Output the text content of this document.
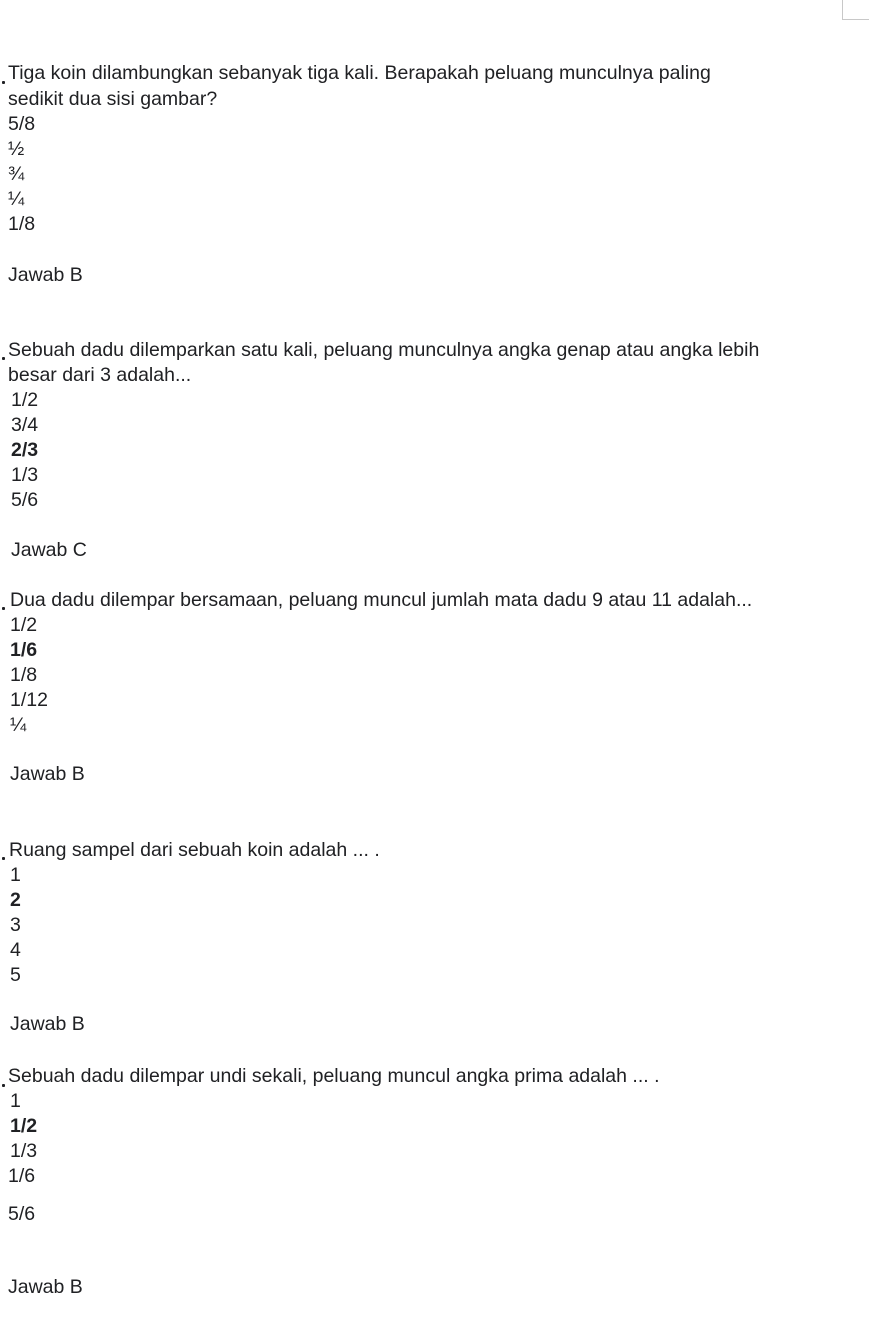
Tiga koin dilambungkan sebanyak tiga kali. Berapakah peluang munculnya paling
sedikit dua sisi gambar?
5/8
½
¾
¼
1/8
Jawab B
Sebuah dadu dilemparkan satu kali, peluang munculnya angka genap atau angka lebih
besar dari 3 adalah...
1/2
3/4
2/3
1/3
5/6
Jawab C
Dua dadu dilempar bersamaan, peluang muncul jumlah mata dadu 9 atau 11 adalah...
1/2
1/6
1/8
1/12
¼
Jawab B
Ruang sampel dari sebuah koin adalah ... .
1
2
3
4
5
Jawab B
Sebuah dadu dilempar undi sekali, peluang muncul angka prima adalah ... .
1
1/2
1/3
1/6
5/6
Jawab B
